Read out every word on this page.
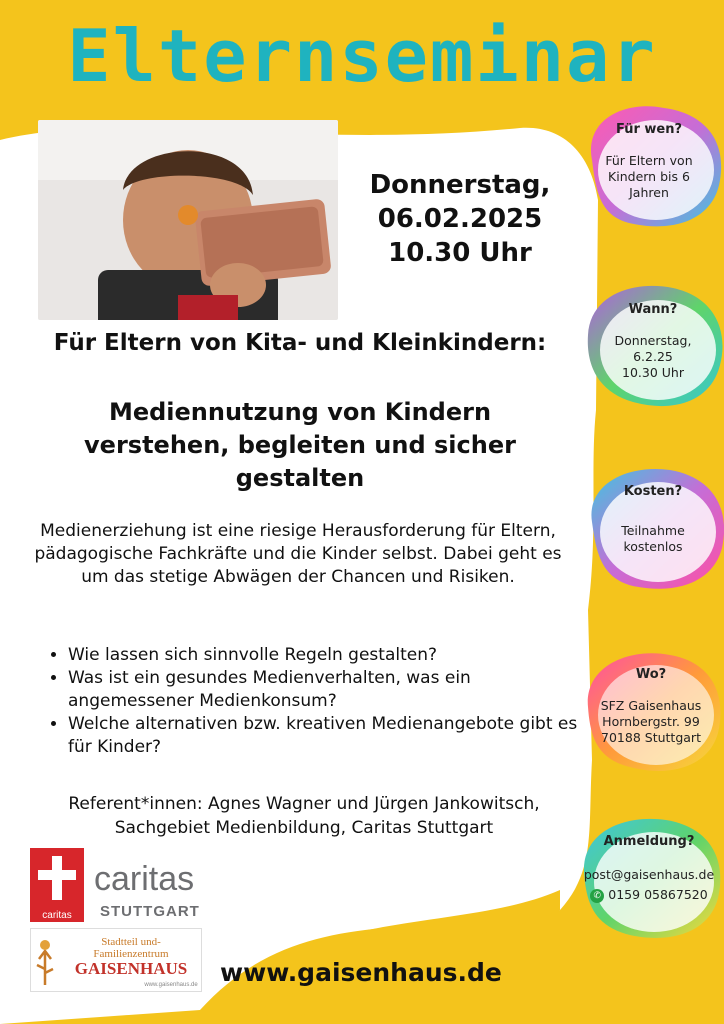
Elternseminar
Donnerstag,
06.02.2025
10.30 Uhr
Für Eltern von Kita- und Kleinkindern:
Mediennutzung von Kindern verstehen, begleiten und sicher gestalten
Medienerziehung ist eine riesige Herausforderung für Eltern, pädagogische Fachkräfte und die Kinder selbst. Dabei geht es um das stetige Abwägen der Chancen und Risiken.
• Wie lassen sich sinnvolle Regeln gestalten?
• Was ist ein gesundes Medienverhalten, was ein angemessener Medienkonsum?
• Welche alternativen bzw. kreativen Medienangebote gibt es für Kinder?
Referent*innen: Agnes Wagner und Jürgen Jankowitsch,
Sachgebiet Medienbildung, Caritas Stuttgart
caritas
caritas
STUTTGART
Stadtteil und-
Familienzentrum
GAISENHAUS
www.gaisenhaus.de www.gaisenhaus.de
Für wen?
Für Eltern von
Kindern bis 6
Jahren
Wann?
Donnerstag,
6.2.25
10.30 Uhr
Kosten?
Teilnahme
kostenlos
Wo?
SFZ Gaisenhaus
Hornbergstr. 99
70188 Stuttgart
Anmeldung?
post@gaisenhaus.de
✆ 0159 05867520
